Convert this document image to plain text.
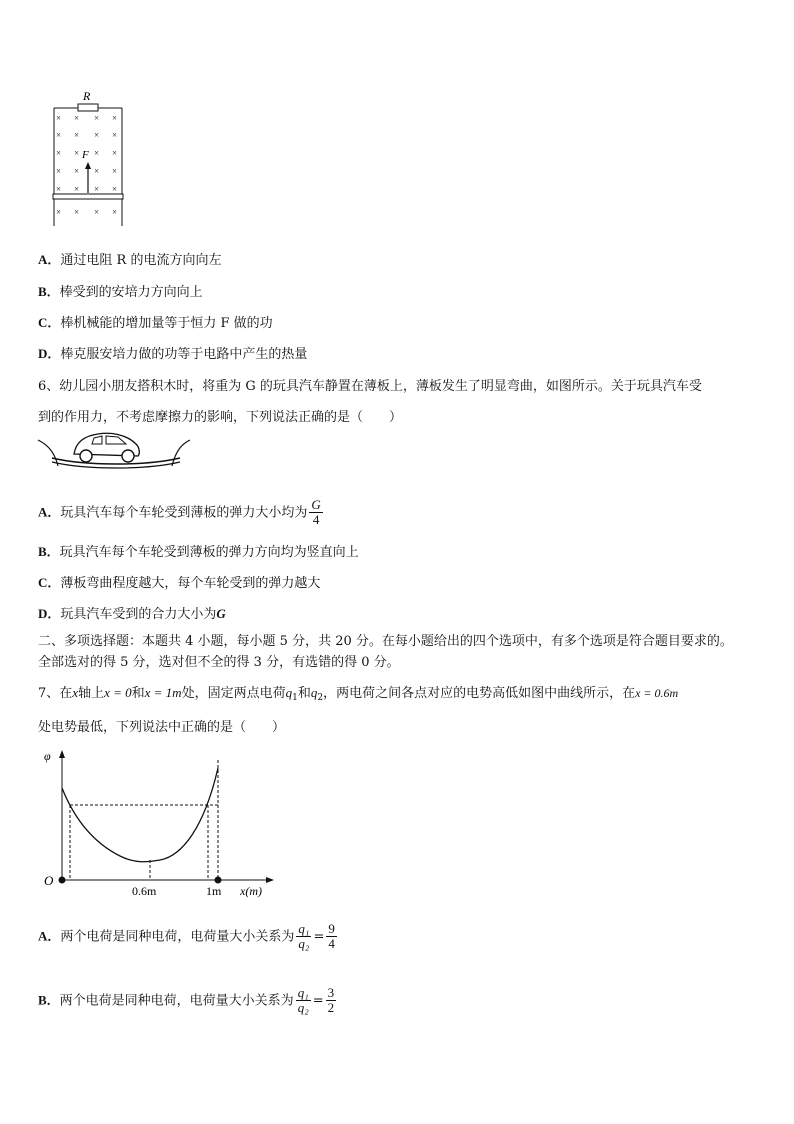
R
× × × ×
× × × ×
× × × ×
× × × ×
× × × ×
× × × ×
F
A．通过电阻 R 的电流方向向左
B．棒受到的安培力方向向上
C．棒机械能的增加量等于恒力 F 做的功
D．棒克服安培力做的功等于电路中产生的热量
6、幼儿园小朋友搭积木时，将重为 G 的玩具汽车静置在薄板上，薄板发生了明显弯曲，如图所示。关于玩具汽车受
到的作用力，不考虑摩擦力的影响，下列说法正确的是（　　）
A．玩具汽车每个车轮受到薄板的弹力大小均为 $\frac{G}{4}$
B．玩具汽车每个车轮受到薄板的弹力方向均为竖直向上
C．薄板弯曲程度越大，每个车轮受到的弹力越大
D．玩具汽车受到的合力大小为G
二、多项选择题：本题共 4 小题，每小题 5 分，共 20 分。在每小题给出的四个选项中，有多个选项是符合题目要求的。
全部选对的得 5 分，选对但不全的得 3 分，有选错的得 0 分。
7、在x轴上x = 0和x = 1m处，固定两点电荷$q_1$和$q_2$，两电荷之间各点对应的电势高低如图中曲线所示，在x = 0.6m
处电势最低，下列说法中正确的是（　　）
φ
O
0.6m	1m x(m)
A．两个电荷是同种电荷，电荷量大小关系为 $\frac{\text{q₁}}{\text{q₂}} = \frac{9}{4}$
B．两个电荷是同种电荷，电荷量大小关系为 $\frac{\text{q₁}}{\text{q₂}} = \frac{3}{2}$
